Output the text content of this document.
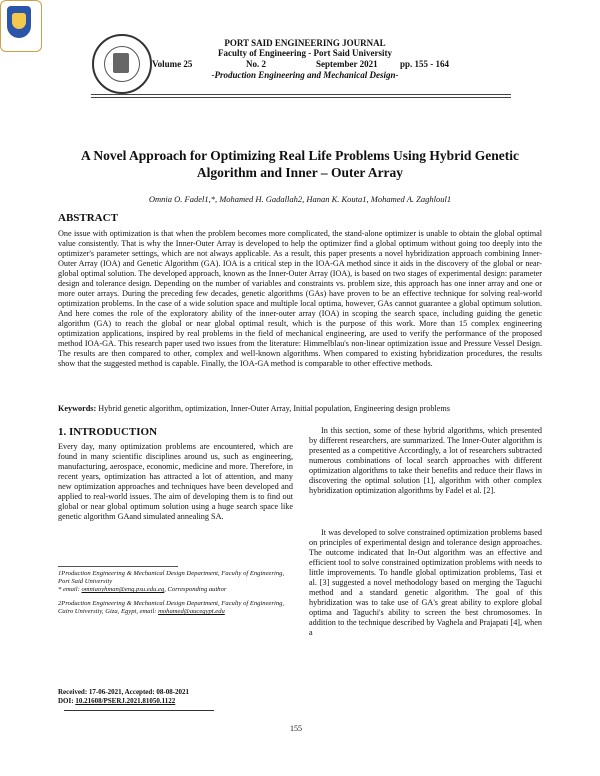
PORT SAID ENGINEERING JOURNAL
Faculty of Engineering - Port Said University
Volume 25	No. 2	September 2021 pp. 155 - 164
-Production Engineering and Mechanical Design-
A Novel Approach for Optimizing Real Life Problems Using Hybrid Genetic Algorithm and Inner – Outer Array
Omnia O. Fadel1,*, Mohamed H. Gadallah2, Hanan K. Kouta1, Mohamed A. Zaghloul1
ABSTRACT

One issue with optimization is that when the problem becomes more complicated, the stand-alone optimizer is unable to obtain the global optimal value consistently. That is why the Inner-Outer Array is developed to help the optimizer find a global optimum without going too deeply into the optimizer's parameter settings, which are not always applicable. As a result, this paper presents a novel hybridization approach combining Inner-Outer Array (IOA) and Genetic Algorithm (GA). IOA is a critical step in the IOA-GA method since it aids in the discovery of the global or near-global optimal solution. The developed approach, known as the Inner-Outer Array (IOA), is based on two stages of experimental design: parameter design and tolerance design. Depending on the number of variables and constraints vs. problem size, this approach has one inner array and one or more outer arrays. During the preceding few decades, genetic algorithms (GAs) have proven to be an effective technique for solving real-world optimization problems. In the case of a wide solution space and multiple local optima, however, GAs cannot guarantee a global optimum solution. And here comes the role of the exploratory ability of the inner-outer array (IOA) in scoping the search space, including guiding the genetic algorithm (GA) to reach the global or near global optimal result, which is the purpose of this work. More than 15 complex engineering optimization applications, inspired by real problems in the field of mechanical engineering, are used to verify the performance of the proposed method IOA-GA. This research paper used two issues from the literature: Himmelblau's non-linear optimization issue and Pressure Vessel Design. The results are then compared to other, complex and well-known algorithms. When compared to existing hybridization procedures, the results show that the suggested method is capable. Finally, the IOA-GA method is comparable to other effective methods.

Keywords: Hybrid genetic algorithm, optimization, Inner-Outer Array, Initial population, Engineering design problems
1. INTRODUCTION

Every day, many optimization problems are encountered, which are found in many scientific disciplines around us, such as engineering, manufacturing, aerospace, economic, medicine and more. Therefore, in recent years, optimization has attracted a lot of attention, and many new optimization approaches and techniques have been developed and applied to real-world issues. The aim of developing them is to find out global or near global optimum solution using a huge search space like genetic algorithm GAand simulated annealing SA.

In this section, some of these hybrid algorithms, which presented by different researchers, are summarized. The Inner-Outer algorithm is presented as a competitive Accordingly, a lot of researchers subtracted numerous combinations of local search approaches with different optimization algorithms to take their benefits and reduce their flaws in discovering the optimal solution [1], algorithm with other complex hybridization optimization algorithms by Fadel et al. [2].

It was developed to solve constrained optimization problems based on principles of experimental design and tolerance design approaches. The outcome indicated that In-Out algorithm was an effective and efficient tool to solve constrained optimization problems with needs to little improvements. To handle global optimization problems, Tasi et al. [3] suggested a novel methodology based on merging the Taguchi method and a standard genetic algorithm. The goal of this hybridization was to take use of GA's great ability to explore global optima and Taguchi's ability to screen the best chromosomes. In addition to the technique described by Vaghela and Prajapati [4], when a

1Production Engineering & Mechanical Design Department, Faculty of Engineering, Port Said University
* email: omniaoyhman@eng.psu.edu.eg, Corresponding author
2Production Engineering & Mechanical Design Department, Faculty of Engineering, Cairo University, Giza, Egypt, email: mohamed@aucegypt.edu
Received: 17-06-2021, Accepted: 08-08-2021
DOI: 10.21608/PSERJ.2021.81050.1122
155
